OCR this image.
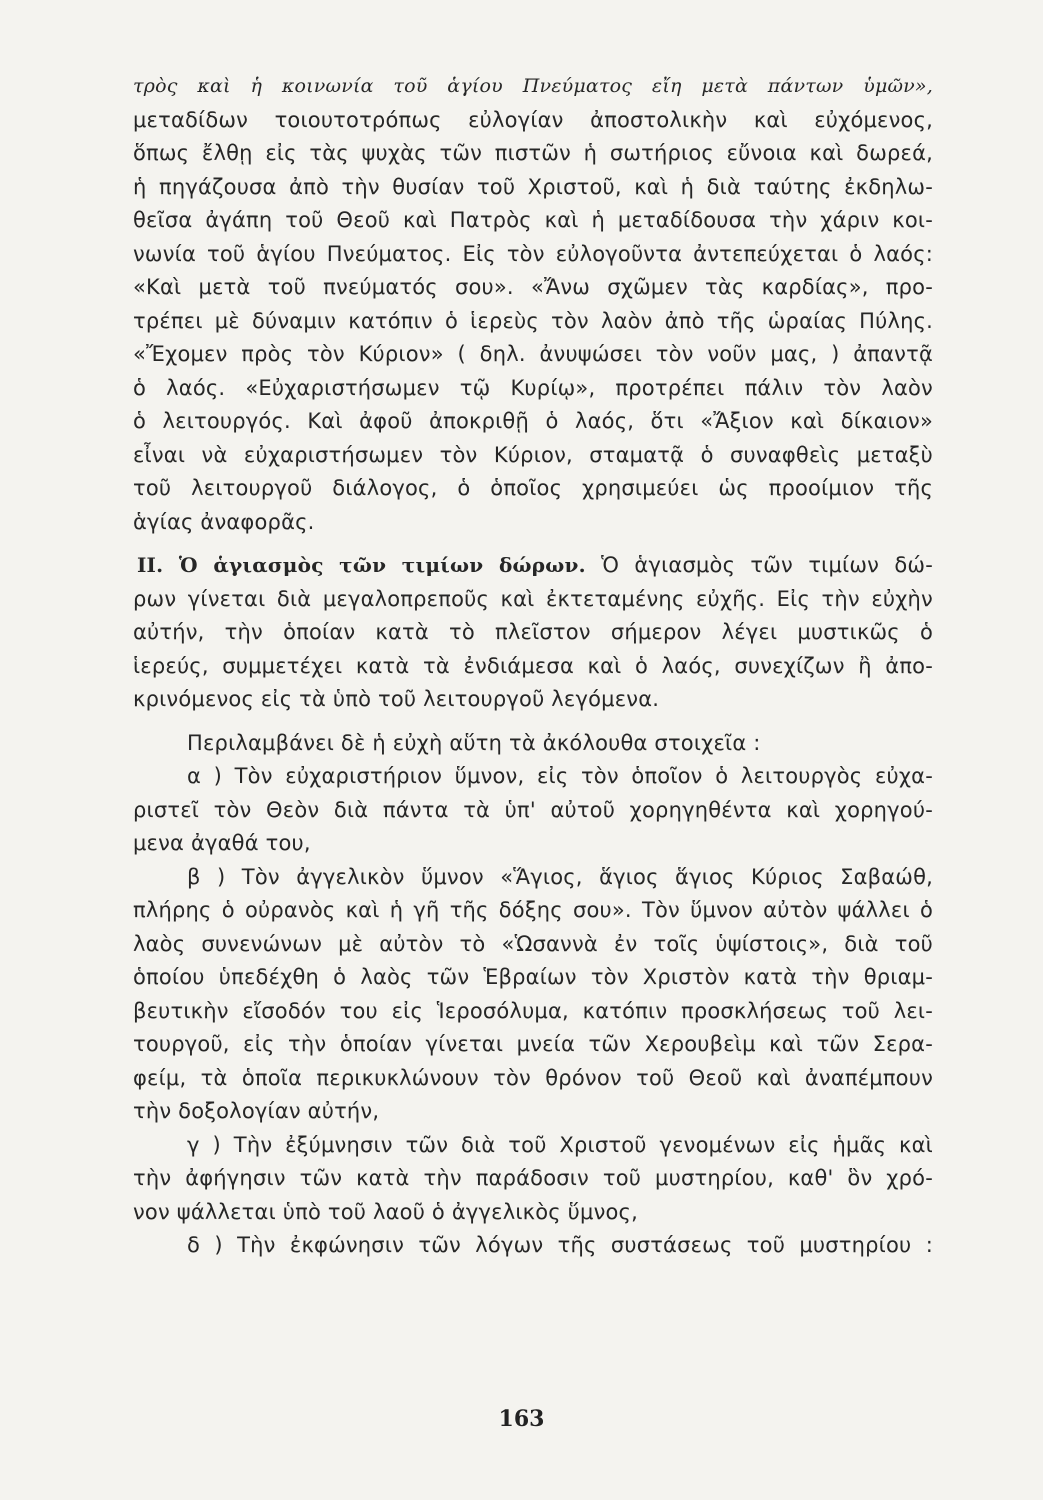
τρὸς καὶ ἡ κοινωνία τοῦ ἁγίου Πνεύματος εἴη μετὰ πάντων ὑμῶν»,
μεταδίδων τοιουτοτρόπως εὐλογίαν ἀποστολικὴν καὶ εὐχόμενος,
ὅπως ἔλθῃ εἰς τὰς ψυχὰς τῶν πιστῶν ἡ σωτήριος εὔνοια καὶ δωρεά,
ἡ πηγάζουσα ἀπὸ τὴν θυσίαν τοῦ Χριστοῦ, καὶ ἡ διὰ ταύτης ἐκδηλω-
θεῖσα ἀγάπη τοῦ Θεοῦ καὶ Πατρὸς καὶ ἡ μεταδίδουσα τὴν χάριν κοι-
νωνία τοῦ ἁγίου Πνεύματος. Εἰς τὸν εὐλογοῦντα ἀντεπεύχεται ὁ λαός:
«Καὶ μετὰ τοῦ πνεύματός σου». «Ἄνω σχῶμεν τὰς καρδίας», προ-
τρέπει μὲ δύναμιν κατόπιν ὁ ἱερεὺς τὸν λαὸν ἀπὸ τῆς ὡραίας Πύλης.
«Ἔχομεν πρὸς τὸν Κύριον» ( δηλ. ἀνυψώσει τὸν νοῦν μας, ) ἀπαντᾷ
ὁ λαός. «Εὐχαριστήσωμεν τῷ Κυρίῳ», προτρέπει πάλιν τὸν λαὸν
ὁ λειτουργός. Καὶ ἀφοῦ ἀποκριθῇ ὁ λαός, ὅτι «Ἄξιον καὶ δίκαιον»
εἶναι νὰ εὐχαριστήσωμεν τὸν Κύριον, σταματᾷ ὁ συναφθεὶς μεταξὺ
τοῦ λειτουργοῦ διάλογος, ὁ ὁποῖος χρησιμεύει ὡς προοίμιον τῆς
ἁγίας ἀναφορᾶς.
ΙΙ. Ὁ ἁγιασμὸς τῶν τιμίων δώρων. Ὁ ἁγιασμὸς τῶν τιμίων δώ-
ρων γίνεται διὰ μεγαλοπρεποῦς καὶ ἐκτεταμένης εὐχῆς. Εἰς τὴν εὐχὴν
αὐτήν, τὴν ὁποίαν κατὰ τὸ πλεῖστον σήμερον λέγει μυστικῶς ὁ
ἱερεύς, συμμετέχει κατὰ τὰ ἐνδιάμεσα καὶ ὁ λαός, συνεχίζων ἢ ἀπο-
κρινόμενος εἰς τὰ ὑπὸ τοῦ λειτουργοῦ λεγόμενα.
Περιλαμβάνει δὲ ἡ εὐχὴ αὕτη τὰ ἀκόλουθα στοιχεῖα :
α ) Τὸν εὐχαριστήριον ὕμνον, εἰς τὸν ὁποῖον ὁ λειτουργὸς εὐχα-
ριστεῖ τὸν Θεὸν διὰ πάντα τὰ ὑπ' αὐτοῦ χορηγηθέντα καὶ χορηγού-
μενα ἀγαθά του,
β ) Τὸν ἀγγελικὸν ὕμνον «Ἅγιος, ἅγιος ἅγιος Κύριος Σαβαώθ,
πλήρης ὁ οὐρανὸς καὶ ἡ γῆ τῆς δόξης σου». Τὸν ὕμνον αὐτὸν ψάλλει ὁ
λαὸς συνενώνων μὲ αὐτὸν τὸ «Ὡσαννὰ ἐν τοῖς ὑψίστοις», διὰ τοῦ
ὁποίου ὑπεδέχθη ὁ λαὸς τῶν Ἑβραίων τὸν Χριστὸν κατὰ τὴν θριαμ-
βευτικὴν εἴσοδόν του εἰς Ἱεροσόλυμα, κατόπιν προσκλήσεως τοῦ λει-
τουργοῦ, εἰς τὴν ὁποίαν γίνεται μνεία τῶν Χερουβεὶμ καὶ τῶν Σερα-
φείμ, τὰ ὁποῖα περικυκλώνουν τὸν θρόνον τοῦ Θεοῦ καὶ ἀναπέμπουν
τὴν δοξολογίαν αὐτήν,
γ ) Τὴν ἐξύμνησιν τῶν διὰ τοῦ Χριστοῦ γενομένων εἰς ἡμᾶς καὶ
τὴν ἀφήγησιν τῶν κατὰ τὴν παράδοσιν τοῦ μυστηρίου, καθ' ὃν χρό-
νον ψάλλεται ὑπὸ τοῦ λαοῦ ὁ ἀγγελικὸς ὕμνος,
δ ) Τὴν ἐκφώνησιν τῶν λόγων τῆς συστάσεως τοῦ μυστηρίου :
163
